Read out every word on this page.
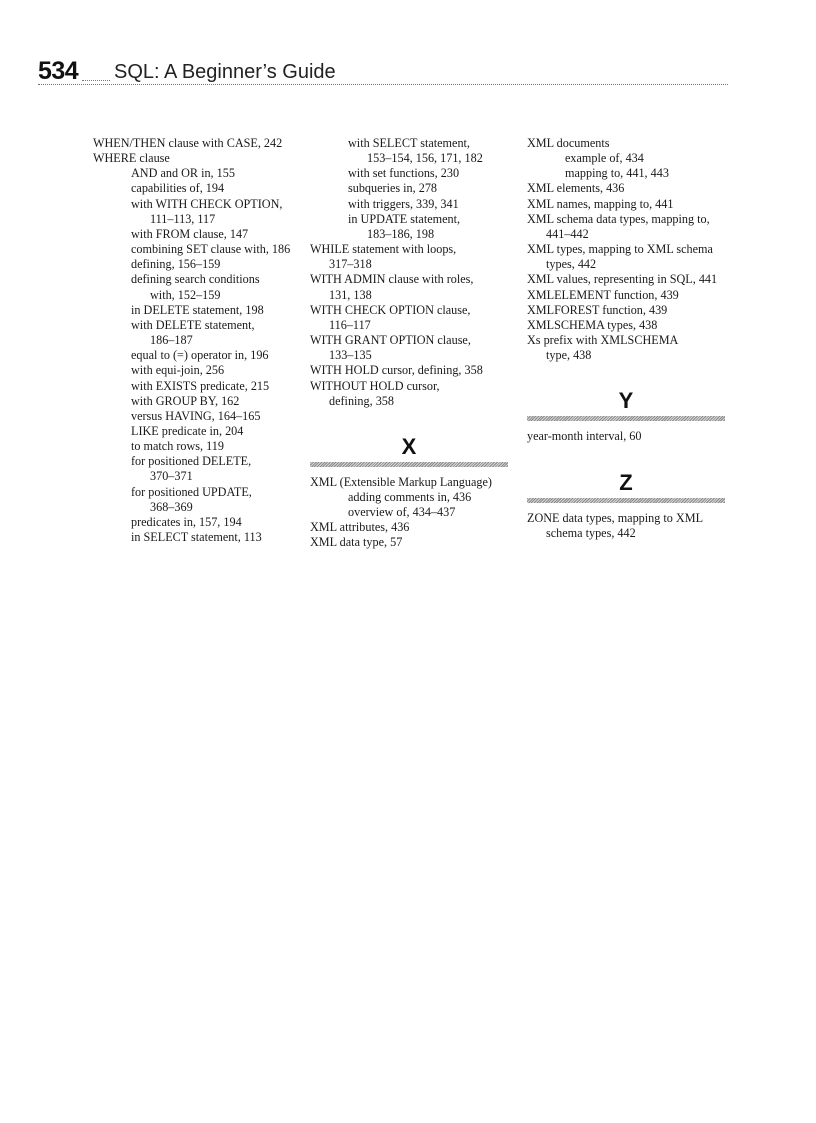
534 SQL: A Beginner’s Guide
WHEN/THEN clause with CASE, 242
WHERE clause
AND and OR in, 155
capabilities of, 194
with WITH CHECK OPTION,
111–113, 117
with FROM clause, 147
combining SET clause with, 186
defining, 156–159
defining search conditions
with, 152–159
in DELETE statement, 198
with DELETE statement,
186–187
equal to (=) operator in, 196
with equi-join, 256
with EXISTS predicate, 215
with GROUP BY, 162
versus HAVING, 164–165
LIKE predicate in, 204
to match rows, 119
for positioned DELETE,
370–371
for positioned UPDATE,
368–369
predicates in, 157, 194
in SELECT statement, 113
with SELECT statement,
153–154, 156, 171, 182
with set functions, 230
subqueries in, 278
with triggers, 339, 341
in UPDATE statement,
183–186, 198
WHILE statement with loops,
317–318
WITH ADMIN clause with roles,
131, 138
WITH CHECK OPTION clause,
116–117
WITH GRANT OPTION clause,
133–135
WITH HOLD cursor, defining, 358
WITHOUT HOLD cursor,
defining, 358
X
XML (Extensible Markup Language)
adding comments in, 436
overview of, 434–437
XML attributes, 436
XML data type, 57
XML documents
example of, 434
mapping to, 441, 443
XML elements, 436
XML names, mapping to, 441
XML schema data types, mapping to,
441–442
XML types, mapping to XML schema
types, 442
XML values, representing in SQL, 441
XMLELEMENT function, 439
XMLFOREST function, 439
XMLSCHEMA types, 438
Xs prefix with XMLSCHEMA
type, 438
Y
year-month interval, 60
Z
ZONE data types, mapping to XML
schema types, 442
